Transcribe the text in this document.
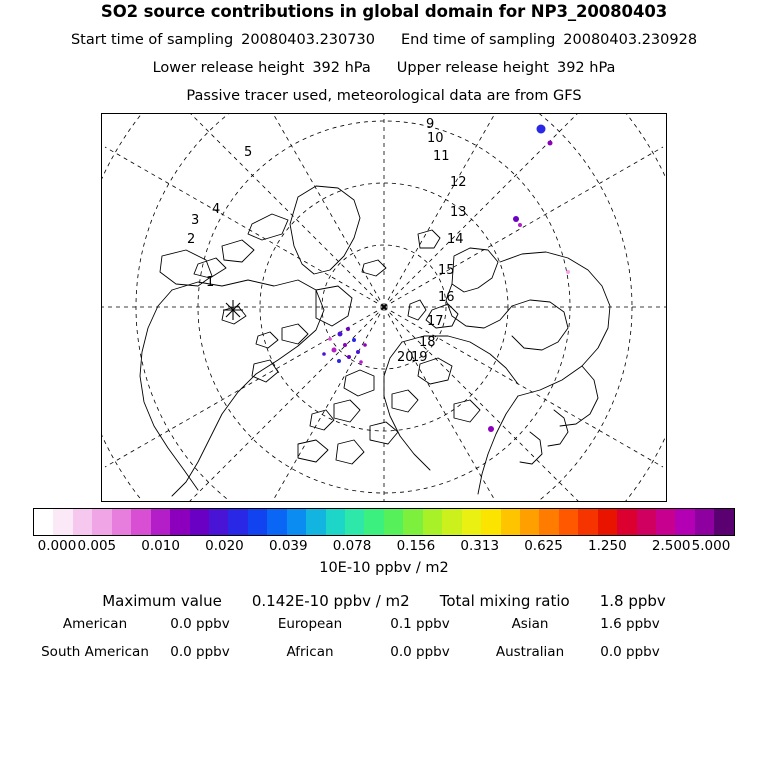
SO2 source contributions in global domain for NP3_20080403
Start time of sampling 20080403.230730 End time of sampling 20080403.230928
Lower release height 392 hPa Upper release height 392 hPa
Passive tracer used, meteorological data are from GFS
9
10
11
12
13
14
15
16
17
18
19
20
1
2
3
4
5
0.000 0.005 0.010 0.020 0.039 0.078 0.156 0.313 0.625 1.250 2.500 5.000
10E-10 ppbv / m2
Maximum value 0.142E-10 ppbv / m2 Total mixing ratio 1.8 ppbv
American	0.0 ppbv	European	0.1 ppbv	Asian	1.6 ppbv
South American 0.0 ppbv	African	0.0 ppbv	Australian	0.0 ppbv
